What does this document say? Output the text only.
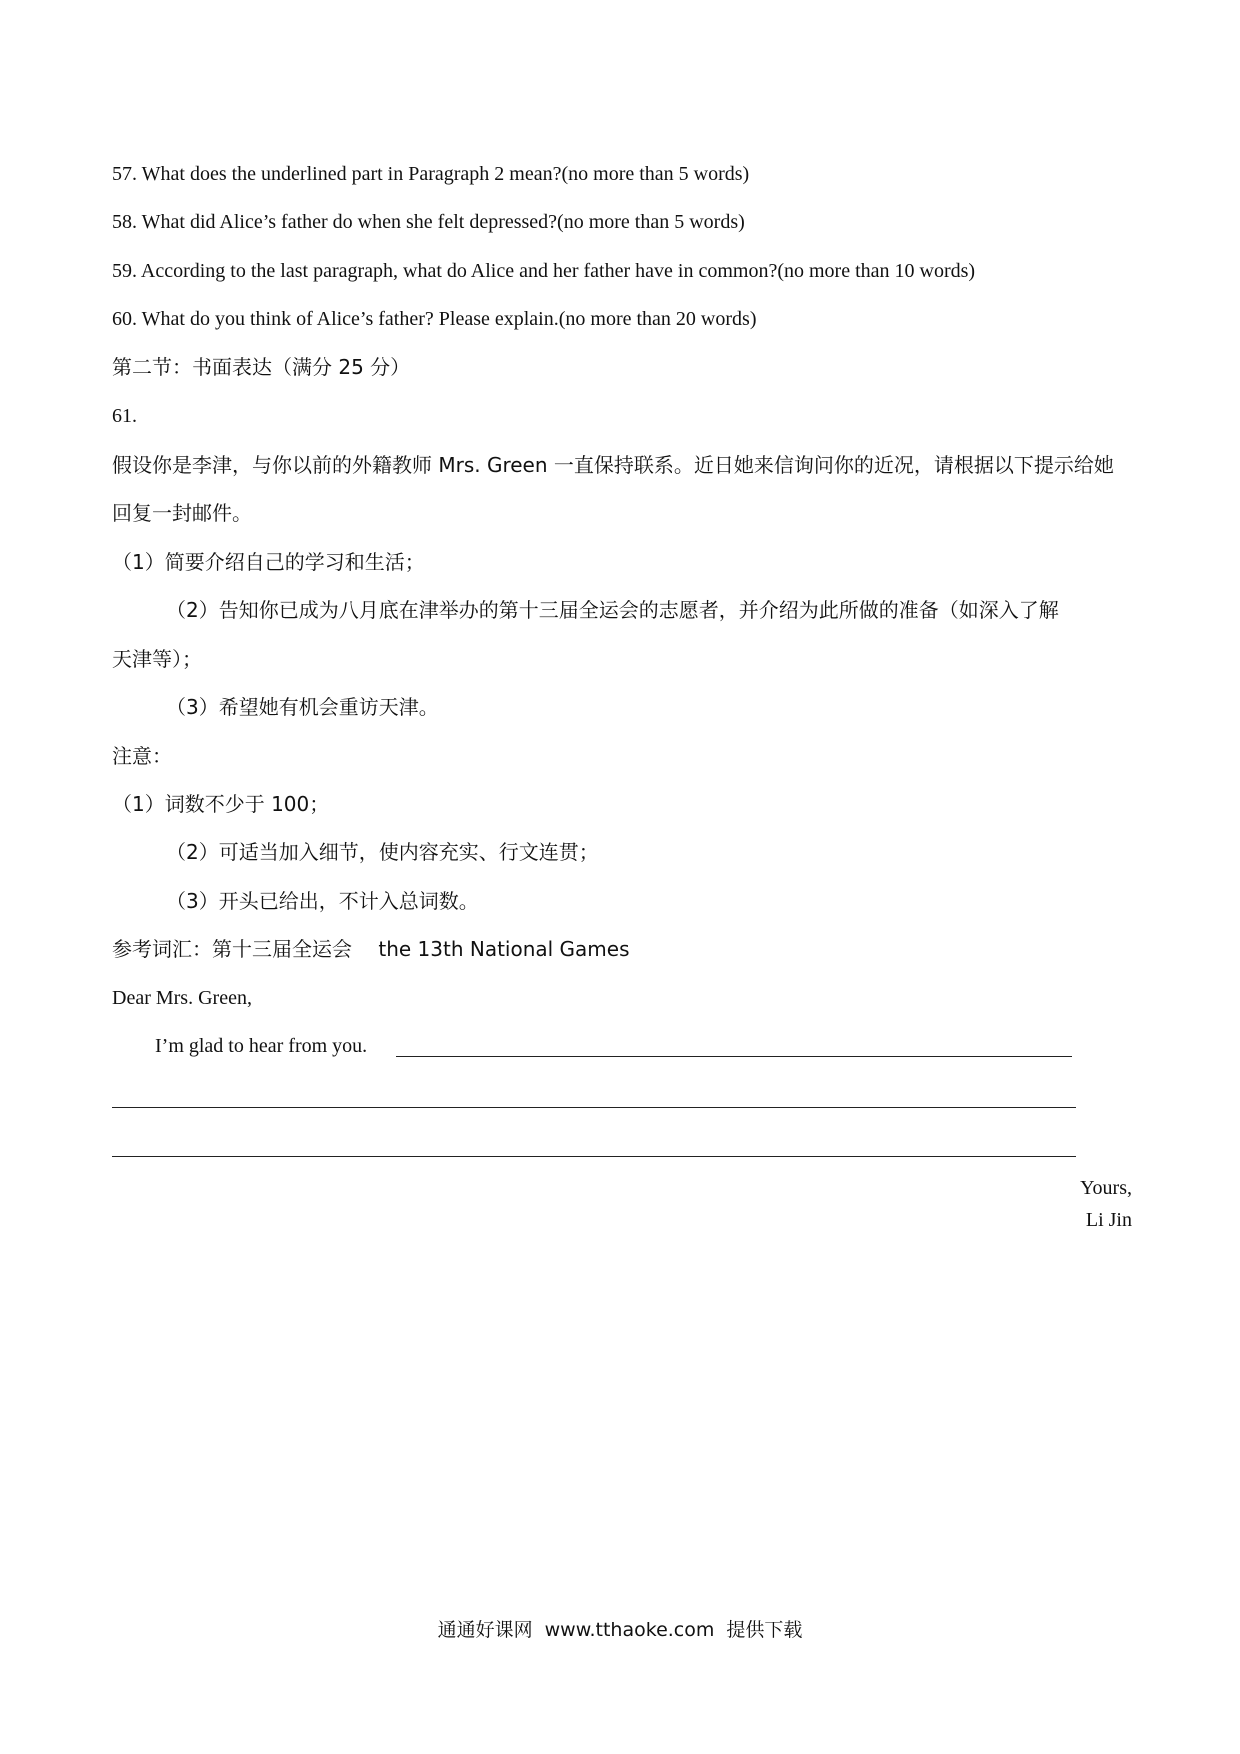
57. What does the underlined part in Paragraph 2 mean?(no more than 5 words)
58. What did Alice’s father do when she felt depressed?(no more than 5 words)
59. According to the last paragraph, what do Alice and her father have in common?(no more than 10 words)
60. What do you think of Alice’s father? Please explain.(no more than 20 words)
第二节：书面表达（满分 25 分）
61.
假设你是李津，与你以前的外籍教师 Mrs. Green 一直保持联系。近日她来信询问你的近况，请根据以下提示给她回复一封邮件。
（1）简要介绍自己的学习和生活；
（2）告知你已成为八月底在津举办的第十三届全运会的志愿者，并介绍为此所做的准备（如深入了解
天津等）；
（3）希望她有机会重访天津。
注意：
（1）词数不少于 100；
（2）可适当加入细节，使内容充实、行文连贯；
（3）开头已给出，不计入总词数。
参考词汇：第十三届全运会　 the 13th National Games
Dear Mrs. Green,
I’m glad to hear from you.
Yours,
Li Jin
通通好课网 www.tthaoke.com 提供下载
